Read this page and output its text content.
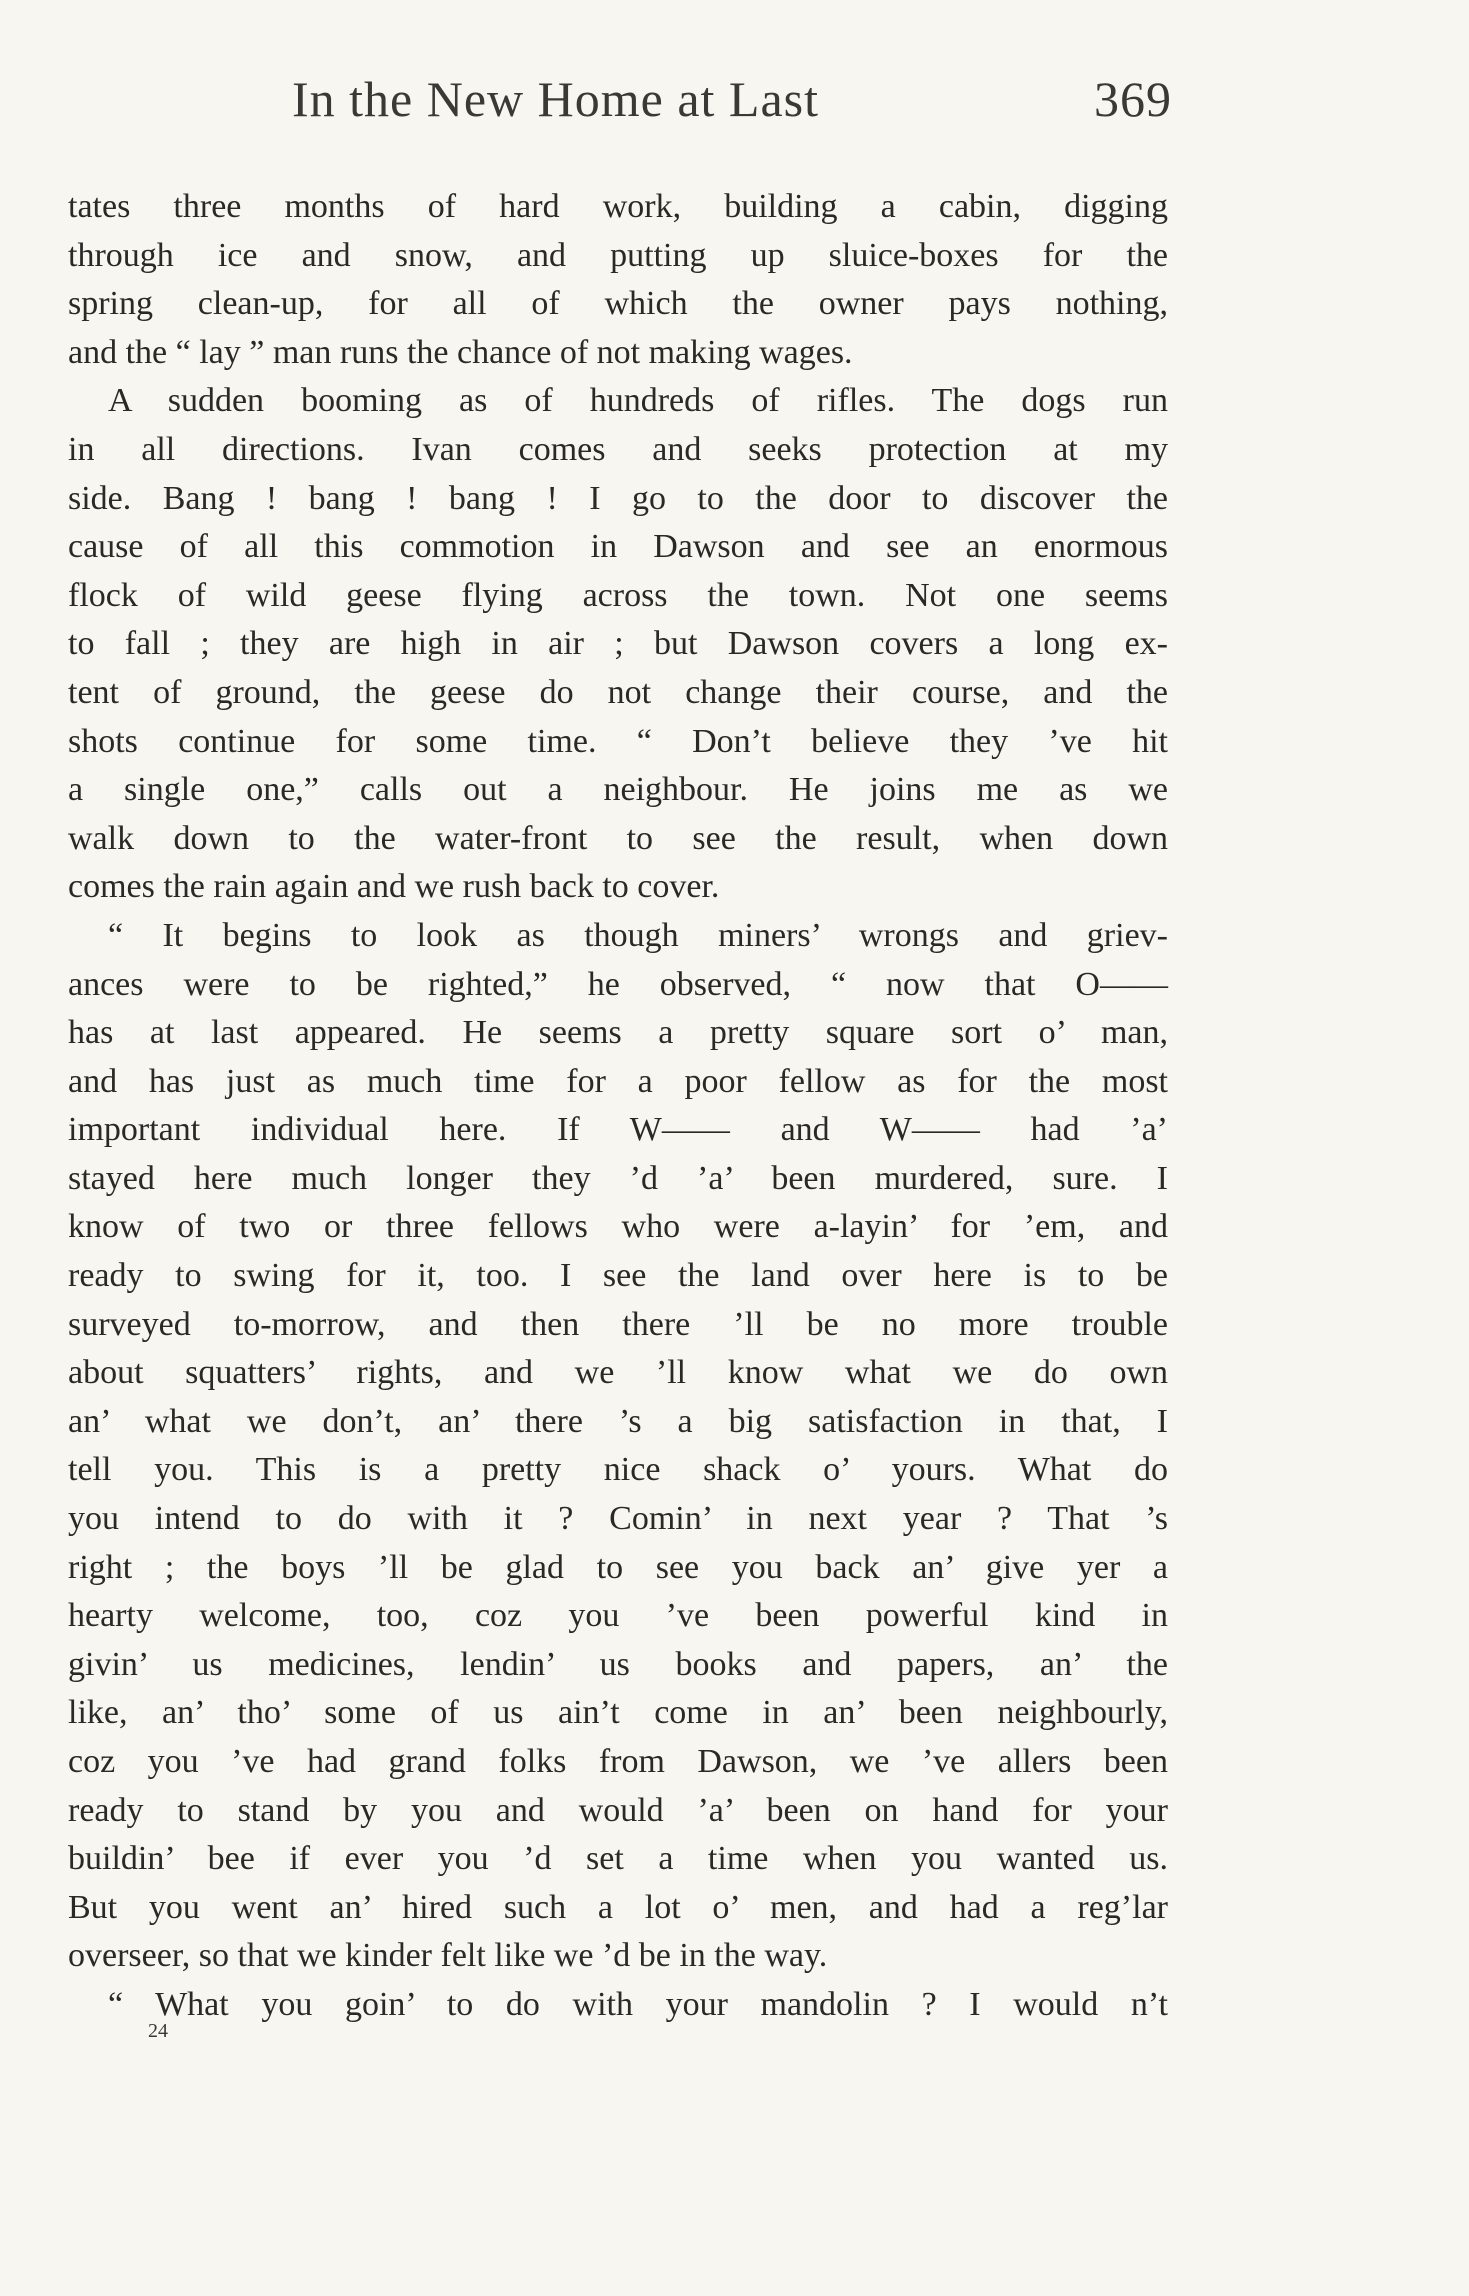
In the New Home at Last	369
tates three months of hard work, building a cabin, digging
through ice and snow, and putting up sluice-boxes for the
spring clean-up, for all of which the owner pays nothing,
and the “ lay ” man runs the chance of not making wages.
A sudden booming as of hundreds of rifles. The dogs run
in all directions. Ivan comes and seeks protection at my
side. Bang ! bang ! bang ! I go to the door to discover the
cause of all this commotion in Dawson and see an enormous
flock of wild geese flying across the town. Not one seems
to fall ; they are high in air ; but Dawson covers a long ex-
tent of ground, the geese do not change their course, and the
shots continue for some time. “ Don’t believe they ’ve hit
a single one,” calls out a neighbour. He joins me as we
walk down to the water-front to see the result, when down
comes the rain again and we rush back to cover.
“ It begins to look as though miners’ wrongs and griev-
ances were to be righted,” he observed, “ now that O——
has at last appeared. He seems a pretty square sort o’ man,
and has just as much time for a poor fellow as for the most
important individual here. If W—— and W—— had ’a’
stayed here much longer they ’d ’a’ been murdered, sure. I
know of two or three fellows who were a-layin’ for ’em, and
ready to swing for it, too. I see the land over here is to be
surveyed to-morrow, and then there ’ll be no more trouble
about squatters’ rights, and we ’ll know what we do own
an’ what we don’t, an’ there ’s a big satisfaction in that, I
tell you. This is a pretty nice shack o’ yours. What do
you intend to do with it ? Comin’ in next year ? That ’s
right ; the boys ’ll be glad to see you back an’ give yer a
hearty welcome, too, coz you ’ve been powerful kind in
givin’ us medicines, lendin’ us books and papers, an’ the
like, an’ tho’ some of us ain’t come in an’ been neighbourly,
coz you ’ve had grand folks from Dawson, we ’ve allers been
ready to stand by you and would ’a’ been on hand for your
buildin’ bee if ever you ’d set a time when you wanted us.
But you went an’ hired such a lot o’ men, and had a reg’lar
overseer, so that we kinder felt like we ’d be in the way.
“ What you goin’ to do with your mandolin ? I would n’t
24
